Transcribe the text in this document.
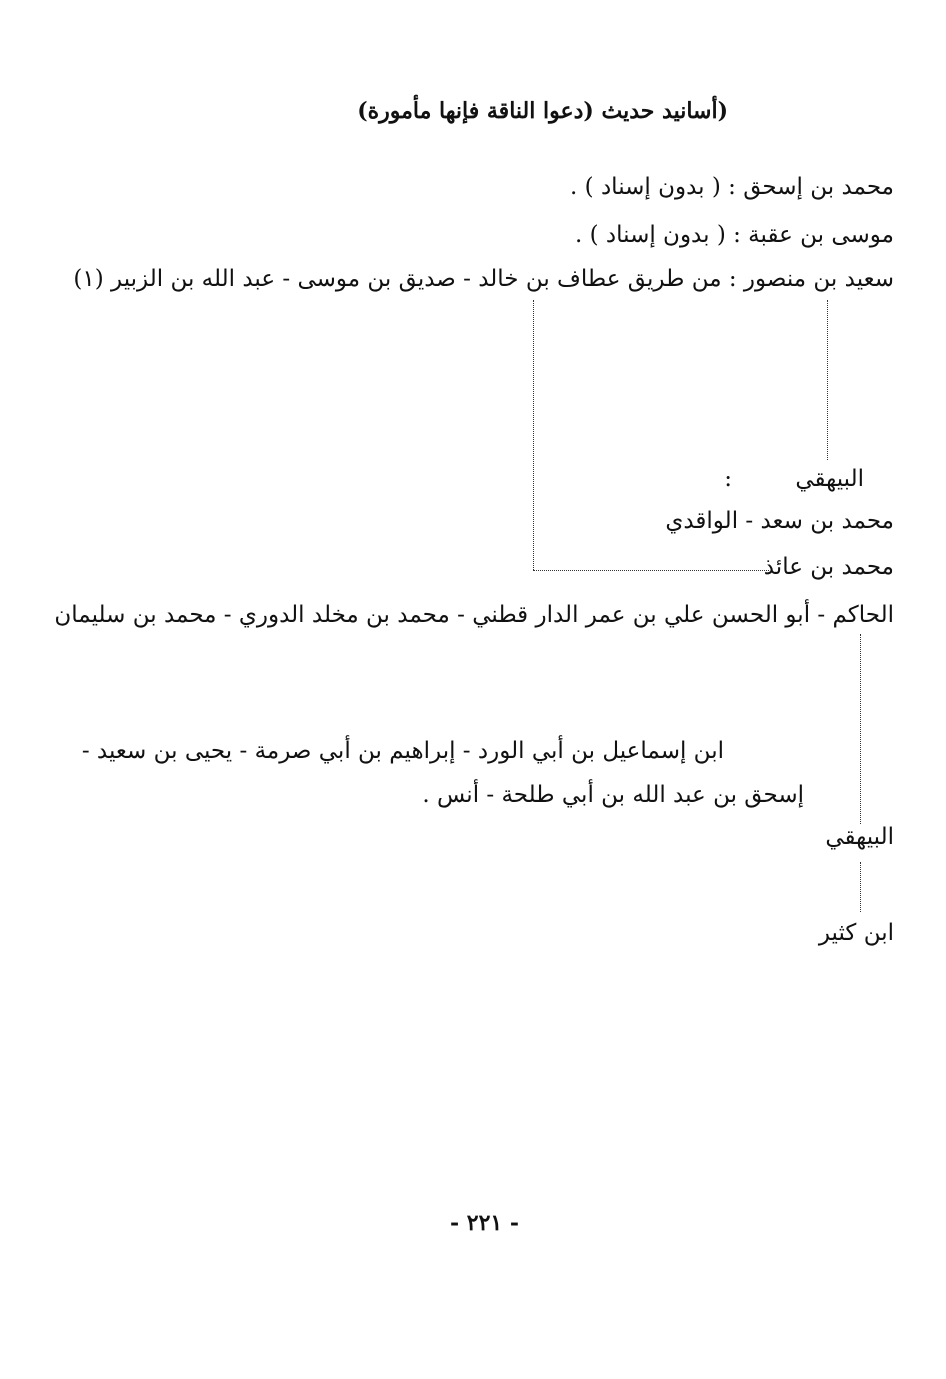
(أسانيد حديث (دعوا الناقة فإنها مأمورة)
محمد بن إسحق : ( بدون إسناد ) .
موسى بن عقبة : ( بدون إسناد ) .
سعيد بن منصور : من طريق عطاف بن خالد - صديق بن موسى - عبد الله بن الزبير (١)
البيهقي
:
محمد بن سعد - الواقدي
محمد بن عائذ
الحاكم - أبو الحسن علي بن عمر الدار قطني - محمد بن مخلد الدوري - محمد بن سليمان
ابن إسماعيل بن أبي الورد - إبراهيم بن أبي صرمة - يحيى بن سعيد -
إسحق بن عبد الله بن أبي طلحة - أنس .
البيهقي
ابن كثير
- ٢٢١ -
